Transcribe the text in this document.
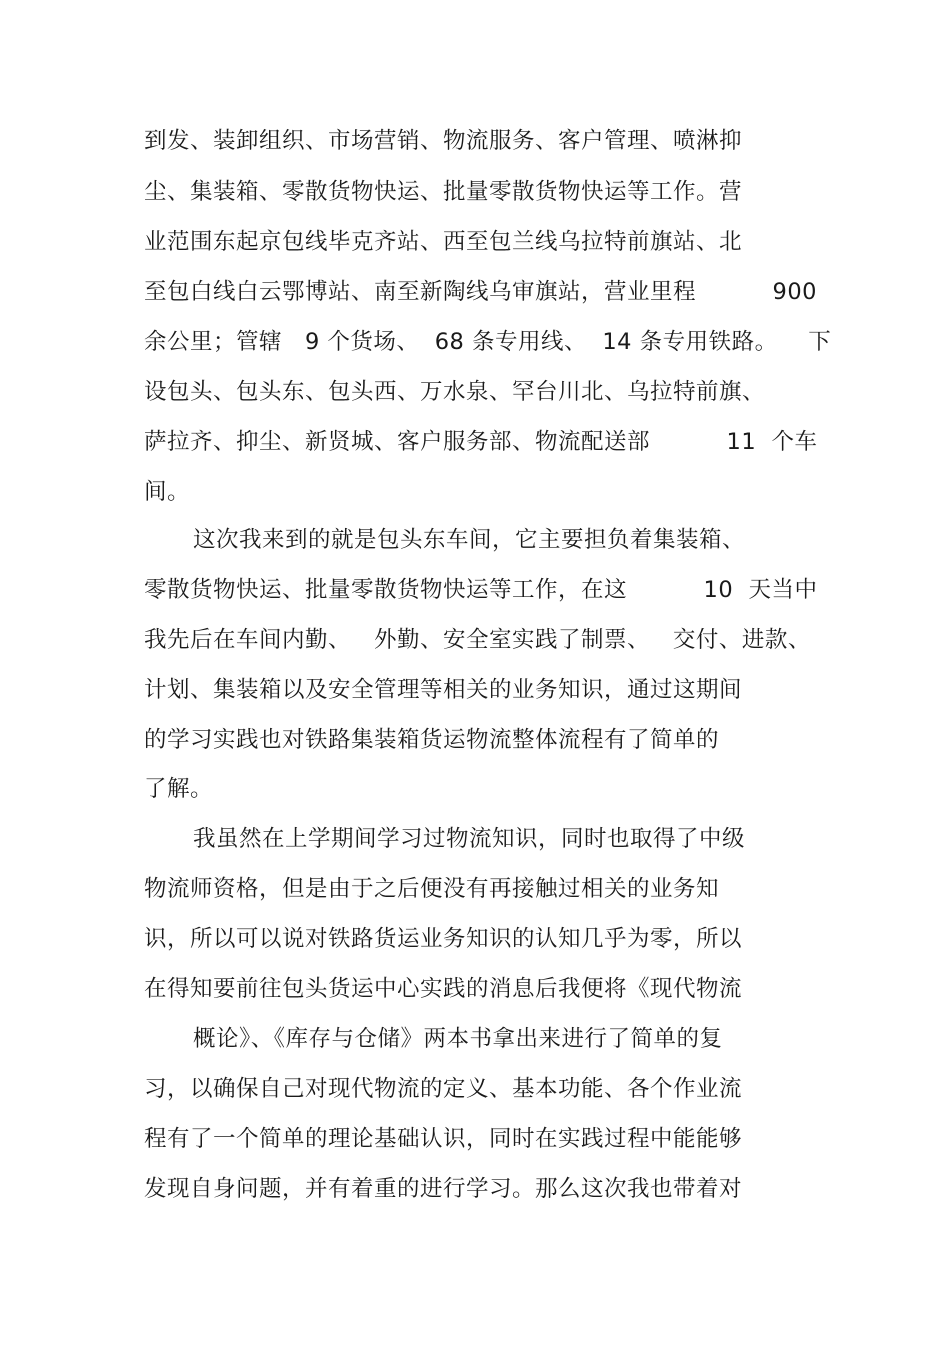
到发、装卸组织、市场营销、物流服务、客户管理、喷淋抑
尘、集装箱、零散货物快运、批量零散货物快运等工作。营
业范围东起京包线毕克齐站、西至包兰线乌拉特前旗站、北
至包白线白云鄂博站、南至新陶线乌审旗站，营业里程          900
余公里；管辖   9 个货场、  68 条专用线、  14 条专用铁路。    下
设包头、包头东、包头西、万水泉、罕台川北、乌拉特前旗、
萨拉齐、抑尘、新贤城、客户服务部、物流配送部          11  个车
间。
这次我来到的就是包头东车间，它主要担负着集装箱、
零散货物快运、批量零散货物快运等工作，在这          10  天当中
我先后在车间内勤、   外勤、安全室实践了制票、   交付、进款、
计划、集装箱以及安全管理等相关的业务知识，通过这期间
的学习实践也对铁路集装箱货运物流整体流程有了简单的
了解。
我虽然在上学期间学习过物流知识，同时也取得了中级
物流师资格，但是由于之后便没有再接触过相关的业务知
识，所以可以说对铁路货运业务知识的认知几乎为零，所以
在得知要前往包头货运中心实践的消息后我便将《现代物流
概论》、《库存与仓储》两本书拿出来进行了简单的复
习，以确保自己对现代物流的定义、基本功能、各个作业流
程有了一个简单的理论基础认识，同时在实践过程中能能够
发现自身问题，并有着重的进行学习。那么这次我也带着对
